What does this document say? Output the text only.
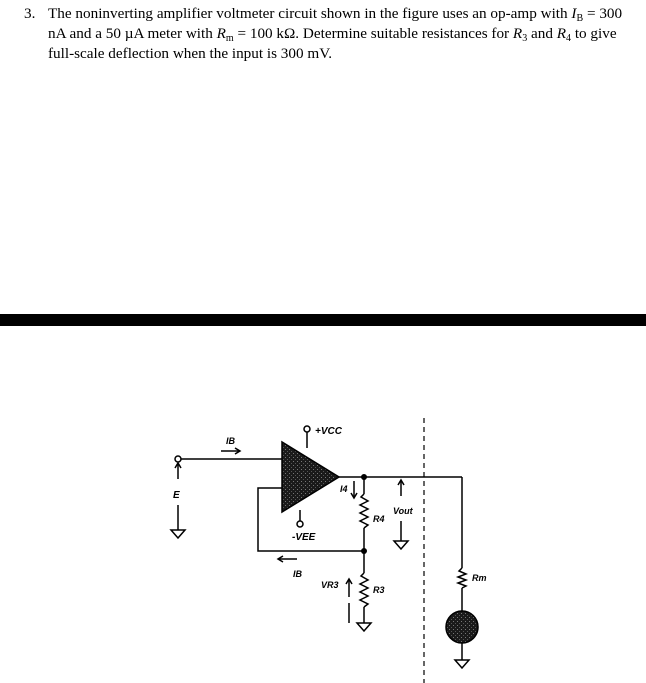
3. The noninverting amplifier voltmeter circuit shown in the figure uses an op-amp with $I_B = 300$ nA and a 50 µA meter with $R_m = 100$ kΩ. Determine suitable resistances for $R_3$ and $R_4$ to give full-scale deflection when the input is 300 mV.
+VCC
-VEE
IB
IB
E
I4
R4
R3
VR3
Vout
Rm
